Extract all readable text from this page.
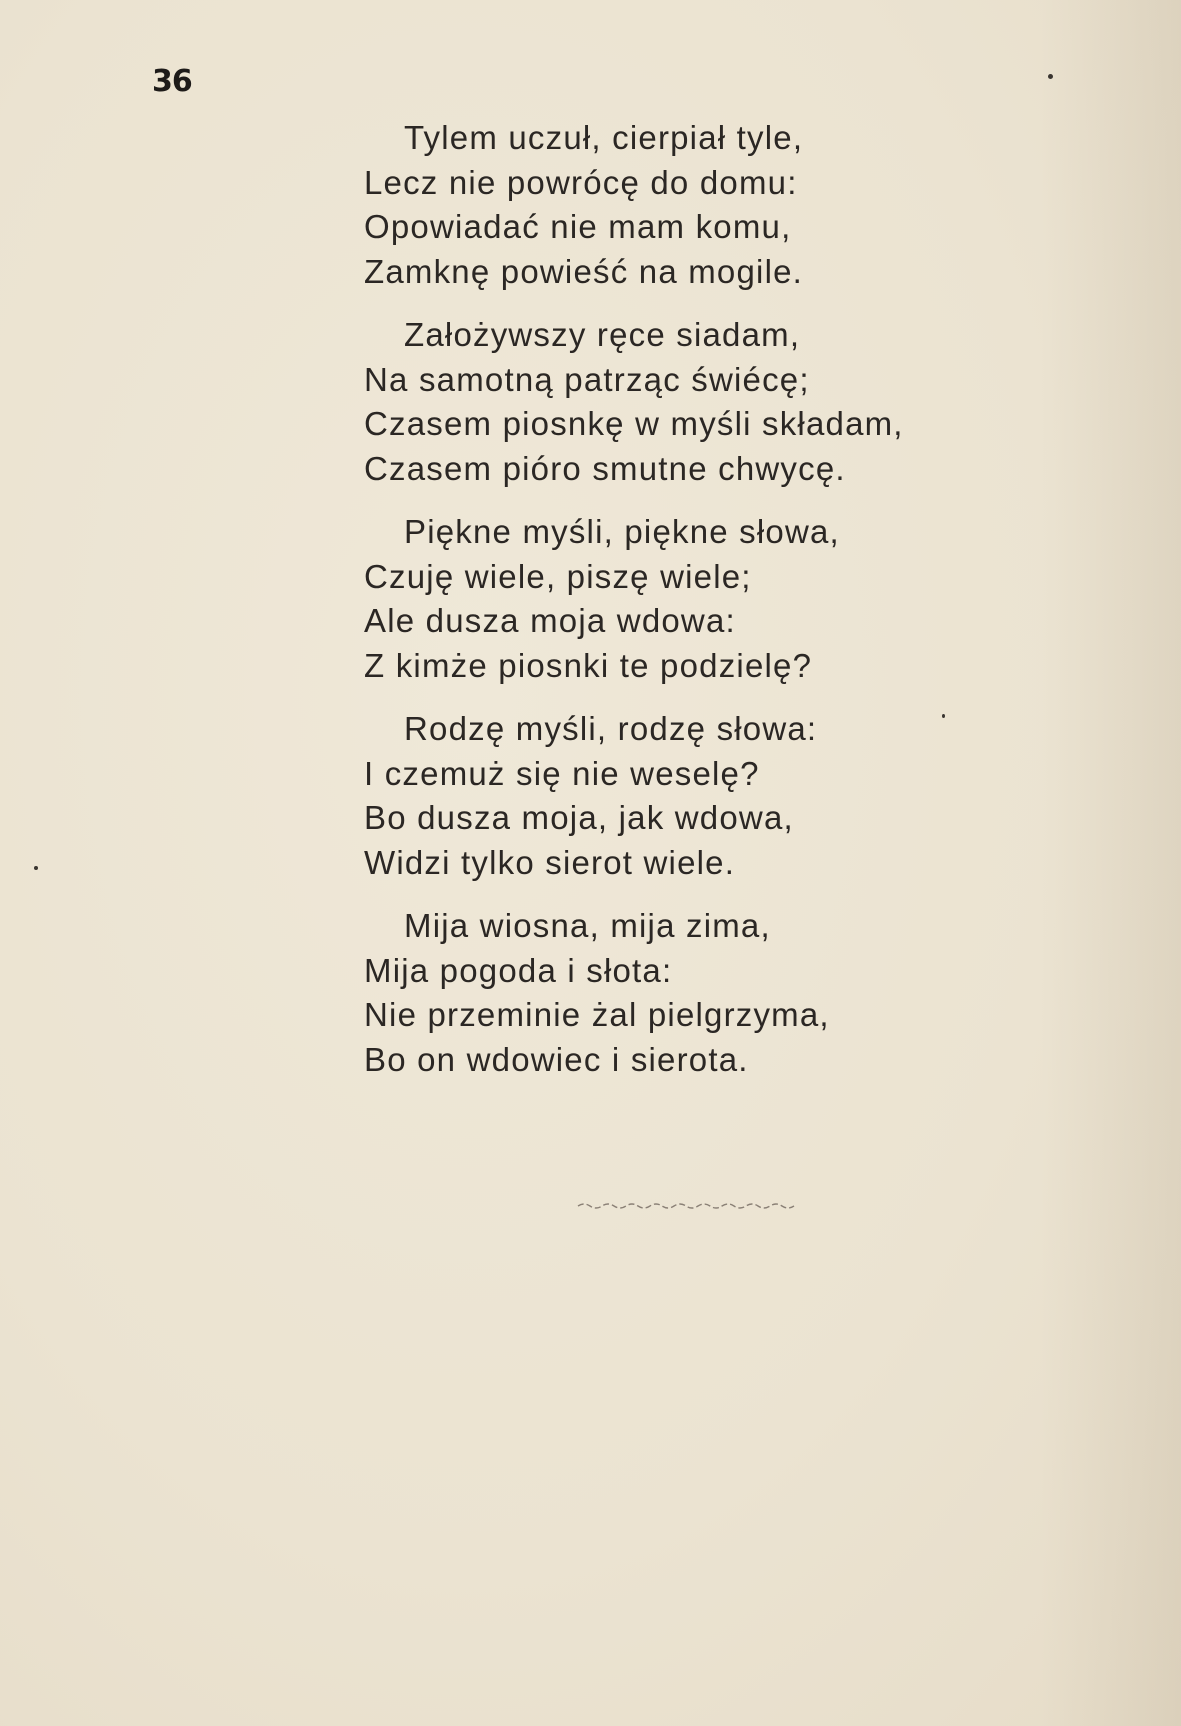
36
Tylem uczuł, cierpiał tyle,
Lecz nie powrócę do domu:
Opowiadać nie mam komu,
Zamknę powieść na mogile.
Założywszy ręce siadam,
Na samotną patrząc świécę;
Czasem piosnkę w myśli składam,
Czasem pióro smutne chwycę.
Piękne myśli, piękne słowa,
Czuję wiele, piszę wiele;
Ale dusza moja wdowa:
Z kimże piosnki te podzielę?
Rodzę myśli, rodzę słowa:
I czemuż się nie weselę?
Bo dusza moja, jak wdowa,
Widzi tylko sierot wiele.
Mija wiosna, mija zima,
Mija pogoda i słota:
Nie przeminie żal pielgrzyma,
Bo on wdowiec i sierota.
